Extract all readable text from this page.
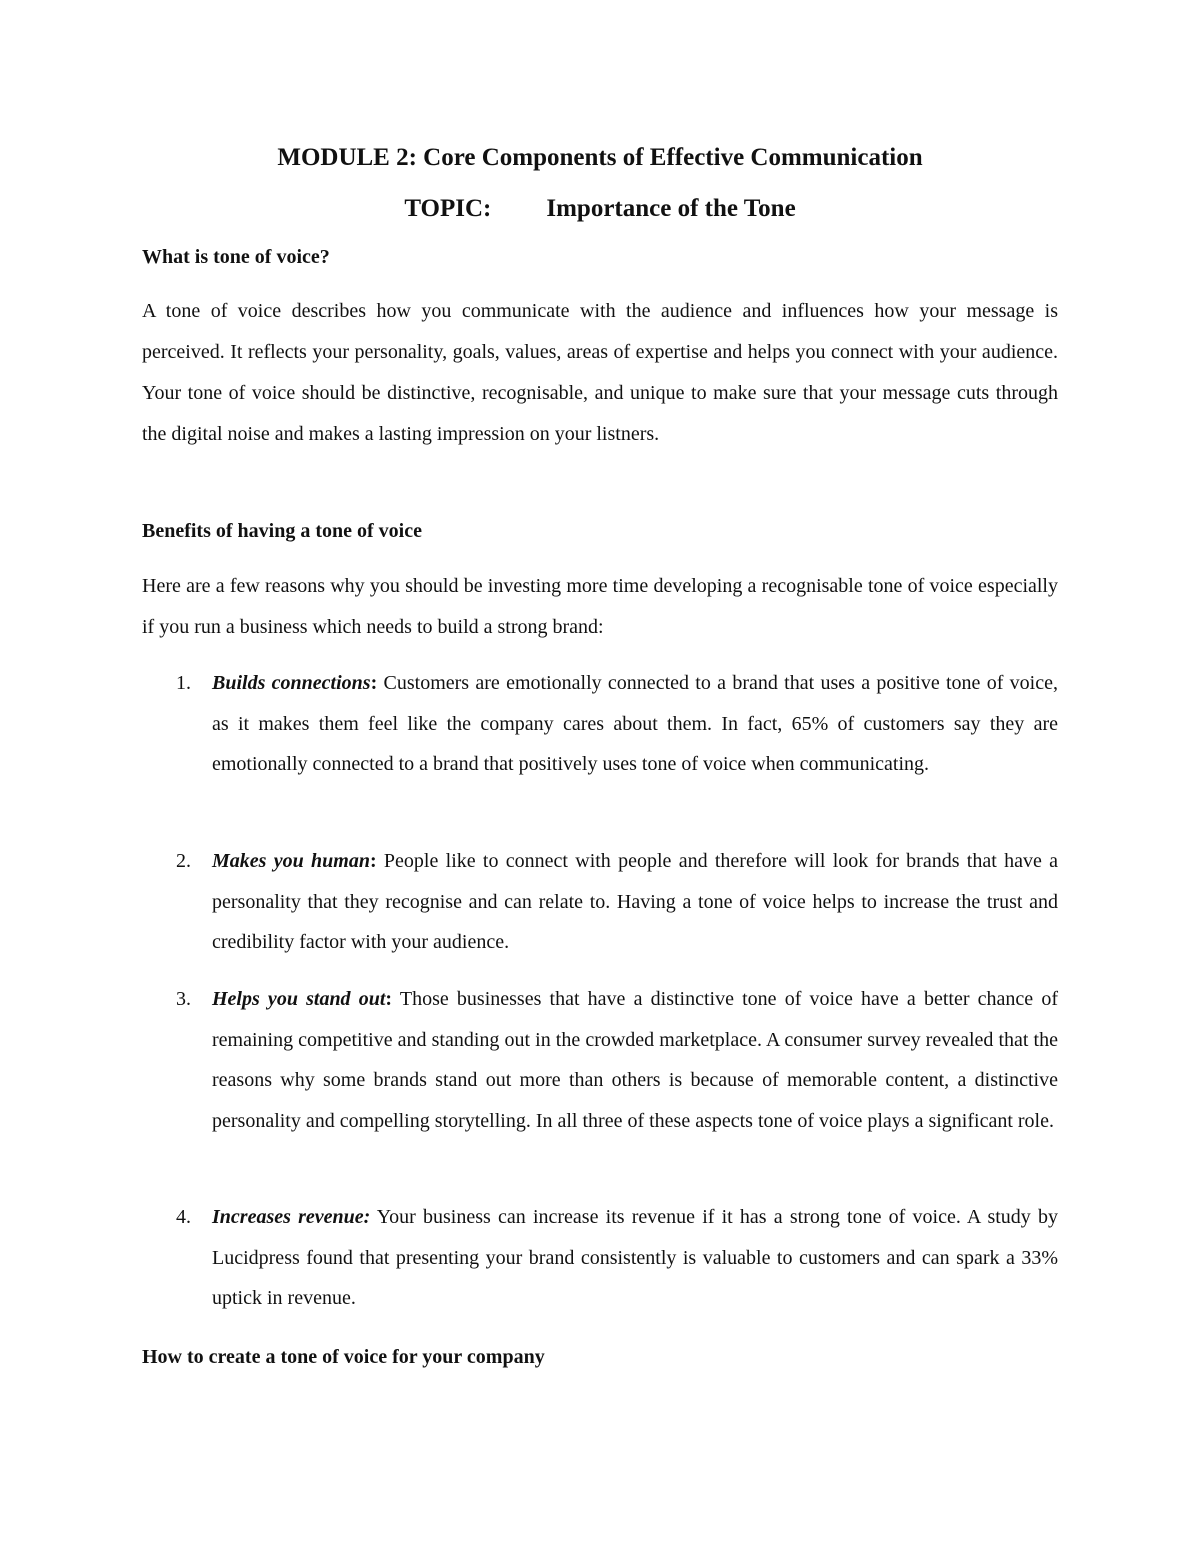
MODULE 2: Core Components of Effective Communication
TOPIC: Importance of the Tone
What is tone of voice?
A tone of voice describes how you communicate with the audience and influences how your message is perceived. It reflects your personality, goals, values, areas of expertise and helps you connect with your audience. Your tone of voice should be distinctive, recognisable, and unique to make sure that your message cuts through the digital noise and makes a lasting impression on your listners.
Benefits of having a tone of voice
Here are a few reasons why you should be investing more time developing a recognisable tone of voice especially if you run a business which needs to build a strong brand:
1. Builds connections: Customers are emotionally connected to a brand that uses a positive tone of voice, as it makes them feel like the company cares about them. In fact, 65% of customers say they are emotionally connected to a brand that positively uses tone of voice when communicating.
2. Makes you human: People like to connect with people and therefore will look for brands that have a personality that they recognise and can relate to. Having a tone of voice helps to increase the trust and credibility factor with your audience.
3. Helps you stand out: Those businesses that have a distinctive tone of voice have a better chance of remaining competitive and standing out in the crowded marketplace. A consumer survey revealed that the reasons why some brands stand out more than others is because of memorable content, a distinctive personality and compelling storytelling. In all three of these aspects tone of voice plays a significant role.
4. Increases revenue: Your business can increase its revenue if it has a strong tone of voice. A study by Lucidpress found that presenting your brand consistently is valuable to customers and can spark a 33% uptick in revenue.
How to create a tone of voice for your company
